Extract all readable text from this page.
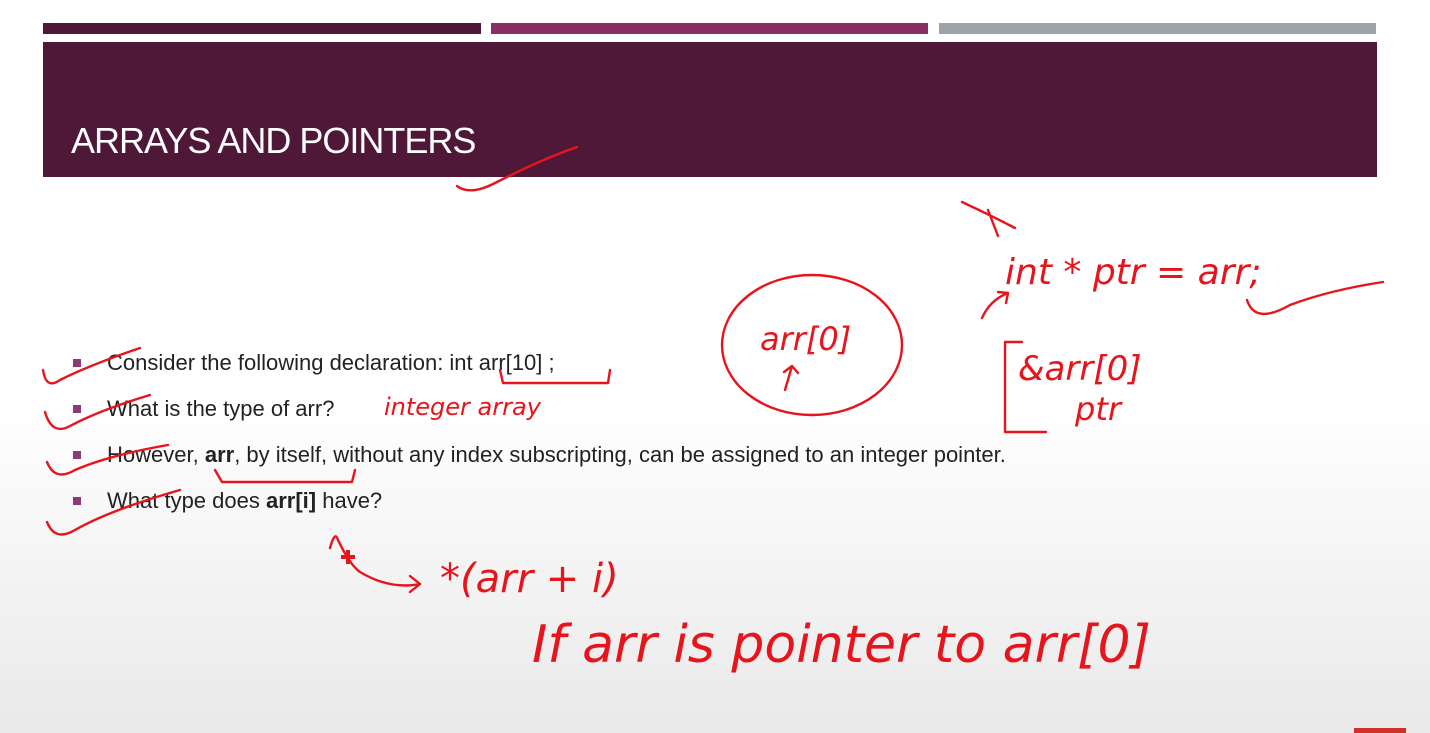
ARRAYS AND POINTERS
Consider the following declaration: int arr[10] ;
What is the type of arr?
However, arr, by itself, without any index subscripting, can be assigned to an integer pointer.
What type does arr[i] have?
integer array
arr[0]
int * ptr = arr;
&arr[0]
ptr
*(arr + i)
If arr is pointer to arr[0]
